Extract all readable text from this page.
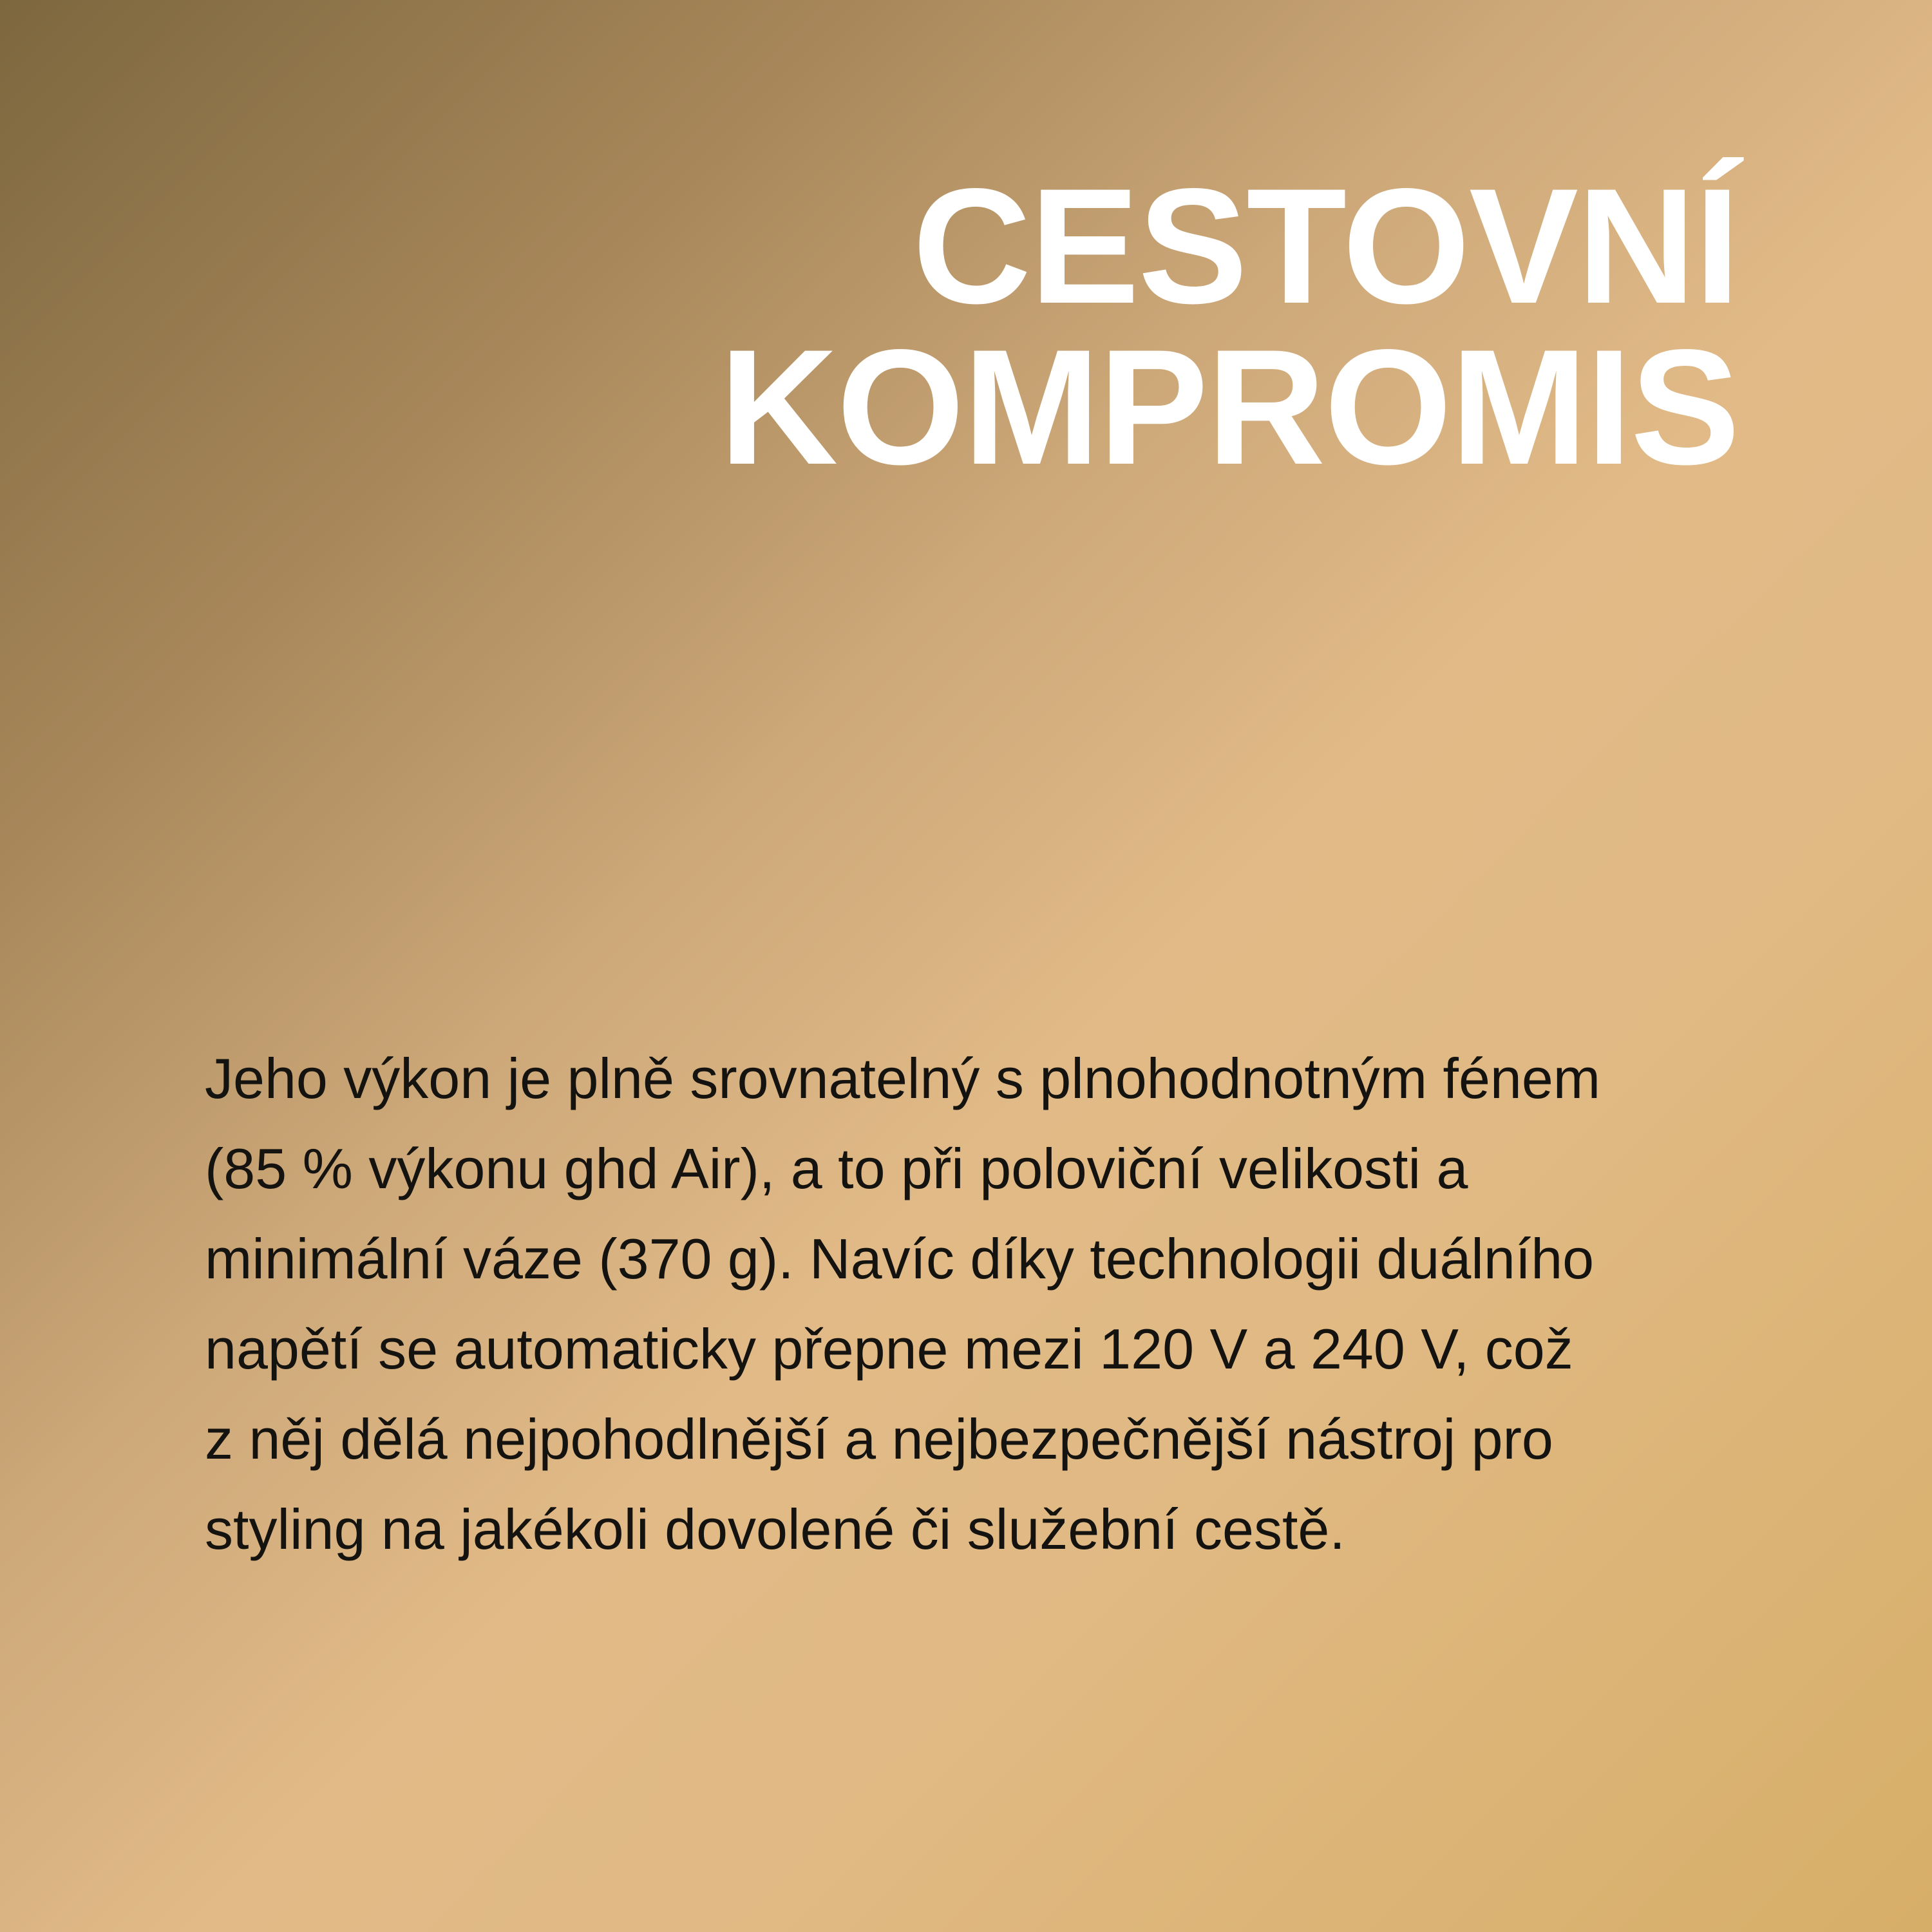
CESTOVNÍ
KOMPROMIS

Jeho výkon je plně srovnatelný s plnohodnotným fénem
(85 % výkonu ghd Air), a to při poloviční velikosti a
minimální váze (370 g). Navíc díky technologii duálního
napětí se automaticky přepne mezi 120 V a 240 V, což
z něj dělá nejpohodlnější a nejbezpečnější nástroj pro
styling na jakékoli dovolené či služební cestě.
